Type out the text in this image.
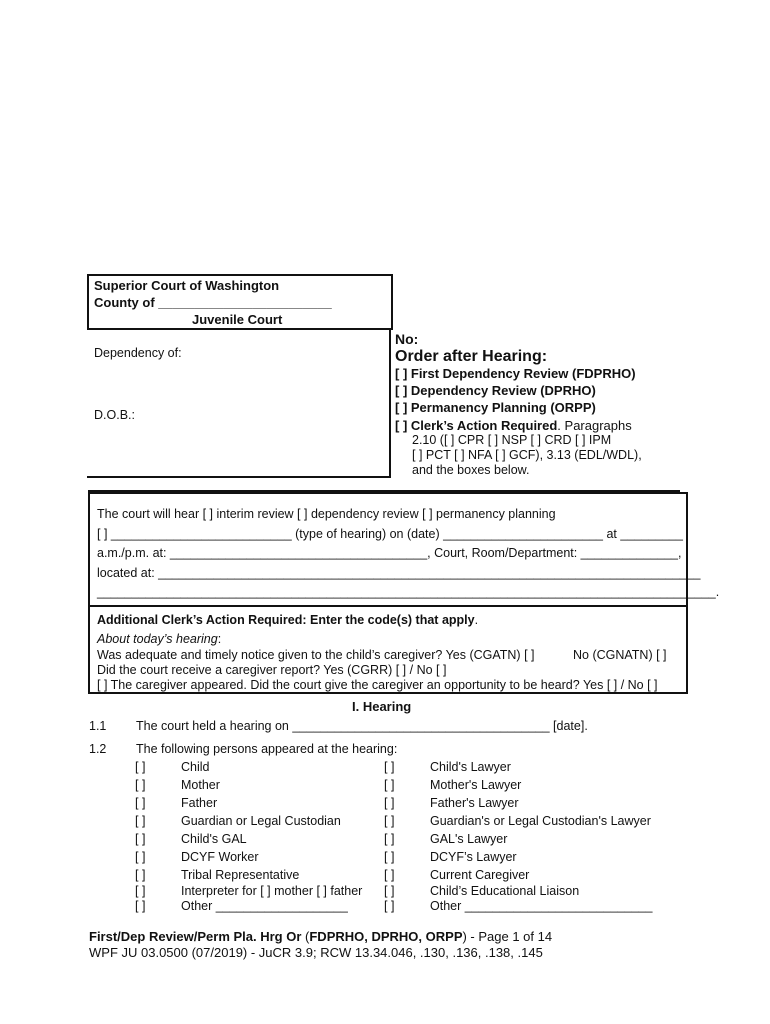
Superior Court of Washington
County of ________________________
Juvenile Court
Dependency of:
D.O.B.:
No:
Order after Hearing:
[ ] First Dependency Review (FDPRHO)
[ ] Dependency Review (DPRHO)
[ ] Permanency Planning (ORPP)
[ ] Clerk’s Action Required. Paragraphs
2.10 ([ ] CPR [ ] NSP [ ] CRD [ ] IPM
[ ] PCT [ ] NFA [ ] GCF), 3.13 (EDL/WDL),
and the boxes below.
The court will hear [ ] interim review [ ] dependency review [ ] permanency planning
[ ] __________________________ (type of hearing) on (date) _______________________ at _________
a.m./p.m. at: _____________________________________, Court, Room/Department: ______________,
located at: ______________________________________________________________________________
_________________________________________________________________________________________.
Additional Clerk’s Action Required: Enter the code(s) that apply.
About today’s hearing:
Was adequate and timely notice given to the child’s caregiver? Yes (CGATN) [ ]	No (CGNATN) [ ]
Did the court receive a caregiver report? Yes (CGRR) [ ] / No [ ]
[ ] The caregiver appeared. Did the court give the caregiver an opportunity to be heard? Yes [ ] / No [ ]
I. Hearing
1.1 The court held a hearing on _____________________________________ [date].
1.2 The following persons appeared at the hearing:
[ ]	Child	[ ]	Child's Lawyer
[ ]	Mother	[ ]	Mother's Lawyer
[ ]	Father	[ ]	Father's Lawyer
[ ]	Guardian or Legal Custodian	[ ]	Guardian's or Legal Custodian's Lawyer
[ ]	Child's GAL	[ ]	GAL's Lawyer
[ ]	DCYF Worker	[ ]	DCYF’s Lawyer
[ ]	Tribal Representative	[ ]	Current Caregiver
[ ]	Interpreter for [ ] mother [ ] father [ ]	Child’s Educational Liaison
[ ]	Other ___________________	[ ]	Other ___________________________
First/Dep Review/Perm Pla. Hrg Or (FDPRHO, DPRHO, ORPP) - Page 1 of 14
WPF JU 03.0500 (07/2019) - JuCR 3.9; RCW 13.34.046, .130, .136, .138, .145
